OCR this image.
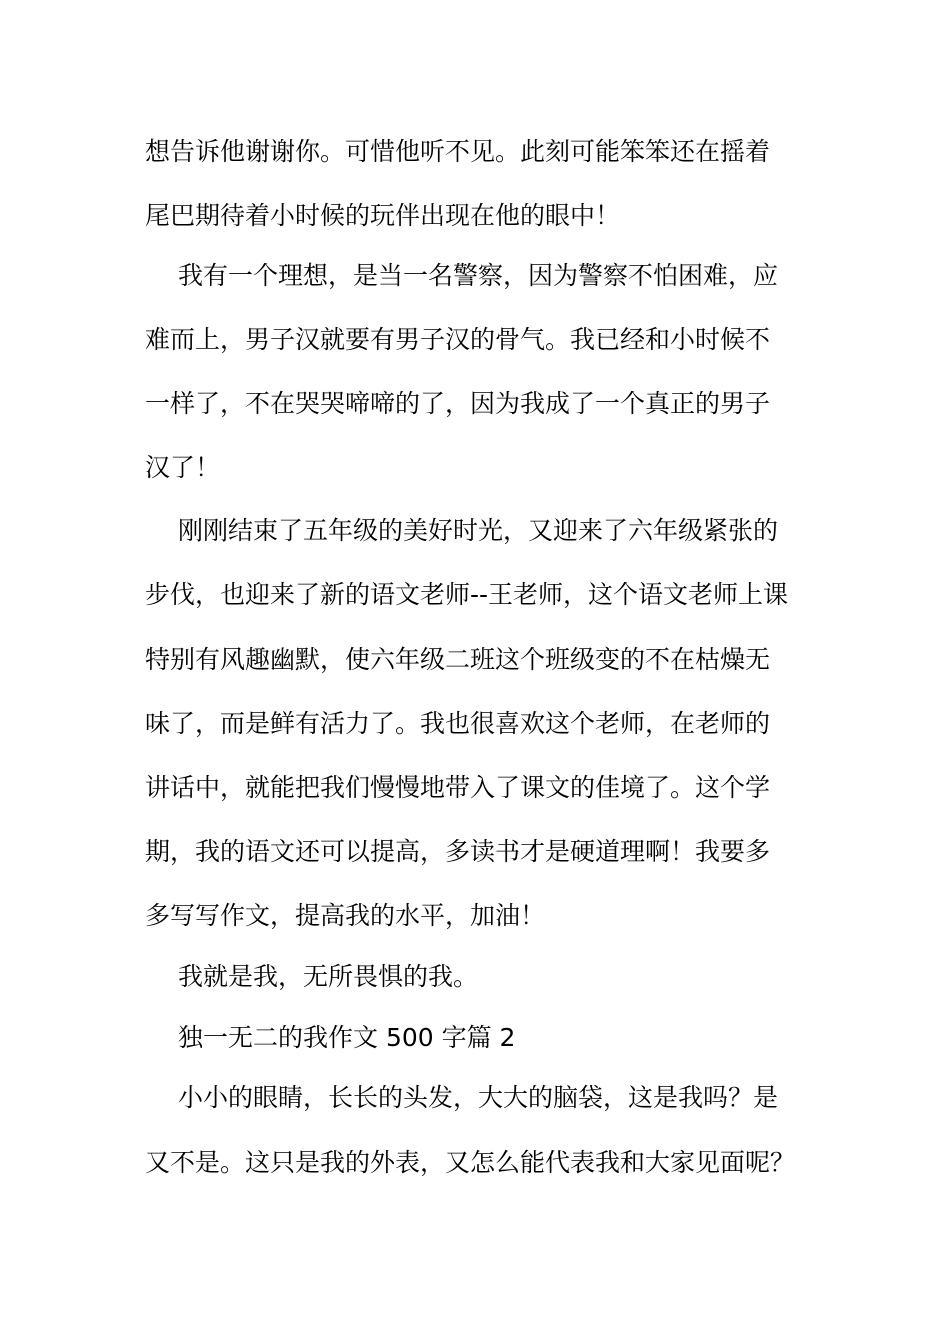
想告诉他谢谢你。可惜他听不见。此刻可能笨笨还在摇着
尾巴期待着小时候的玩伴出现在他的眼中！
我有一个理想，是当一名警察，因为警察不怕困难，应
难而上，男子汉就要有男子汉的骨气。我已经和小时候不
一样了，不在哭哭啼啼的了，因为我成了一个真正的男子
汉了！
刚刚结束了五年级的美好时光，又迎来了六年级紧张的
步伐，也迎来了新的语文老师--王老师，这个语文老师上课
特别有风趣幽默，使六年级二班这个班级变的不在枯燥无
味了，而是鲜有活力了。我也很喜欢这个老师，在老师的
讲话中，就能把我们慢慢地带入了课文的佳境了。这个学
期，我的语文还可以提高，多读书才是硬道理啊！我要多
多写写作文，提高我的水平，加油！
我就是我，无所畏惧的我。
独一无二的我作文 500 字篇 2
小小的眼睛，长长的头发，大大的脑袋，这是我吗？是
又不是。这只是我的外表，又怎么能代表我和大家见面呢？
